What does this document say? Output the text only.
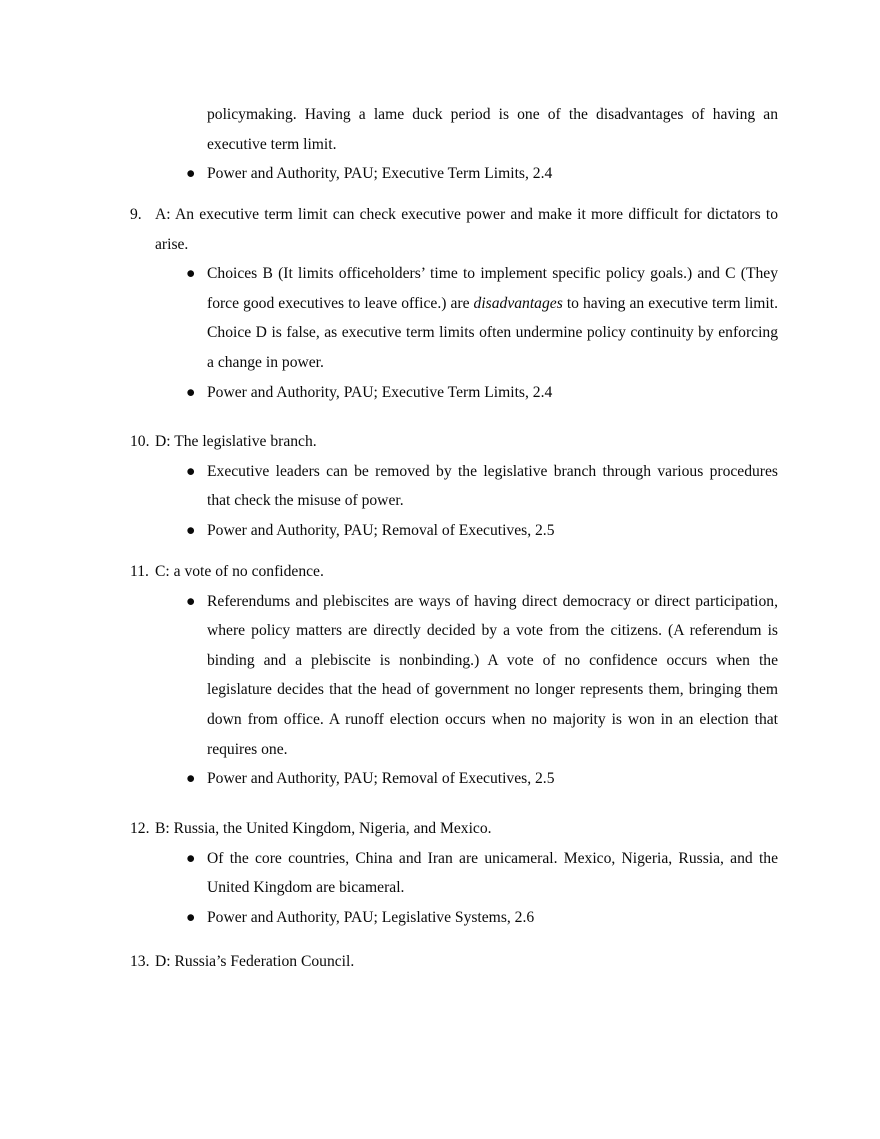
policymaking. Having a lame duck period is one of the disadvantages of having an executive term limit.
● Power and Authority, PAU; Executive Term Limits, 2.4
9. A: An executive term limit can check executive power and make it more difficult for dictators to arise.
● Choices B (It limits officeholders’ time to implement specific policy goals.) and C (They force good executives to leave office.) are disadvantages to having an executive term limit. Choice D is false, as executive term limits often undermine policy continuity by enforcing a change in power.
● Power and Authority, PAU; Executive Term Limits, 2.4
10. D: The legislative branch.
● Executive leaders can be removed by the legislative branch through various procedures that check the misuse of power.
● Power and Authority, PAU; Removal of Executives, 2.5
11. C: a vote of no confidence.
● Referendums and plebiscites are ways of having direct democracy or direct participation, where policy matters are directly decided by a vote from the citizens. (A referendum is binding and a plebiscite is nonbinding.) A vote of no confidence occurs when the legislature decides that the head of government no longer represents them, bringing them down from office. A runoff election occurs when no majority is won in an election that requires one.
● Power and Authority, PAU; Removal of Executives, 2.5
12. B: Russia, the United Kingdom, Nigeria, and Mexico.
● Of the core countries, China and Iran are unicameral. Mexico, Nigeria, Russia, and the United Kingdom are bicameral.
● Power and Authority, PAU; Legislative Systems, 2.6
13. D: Russia’s Federation Council.
